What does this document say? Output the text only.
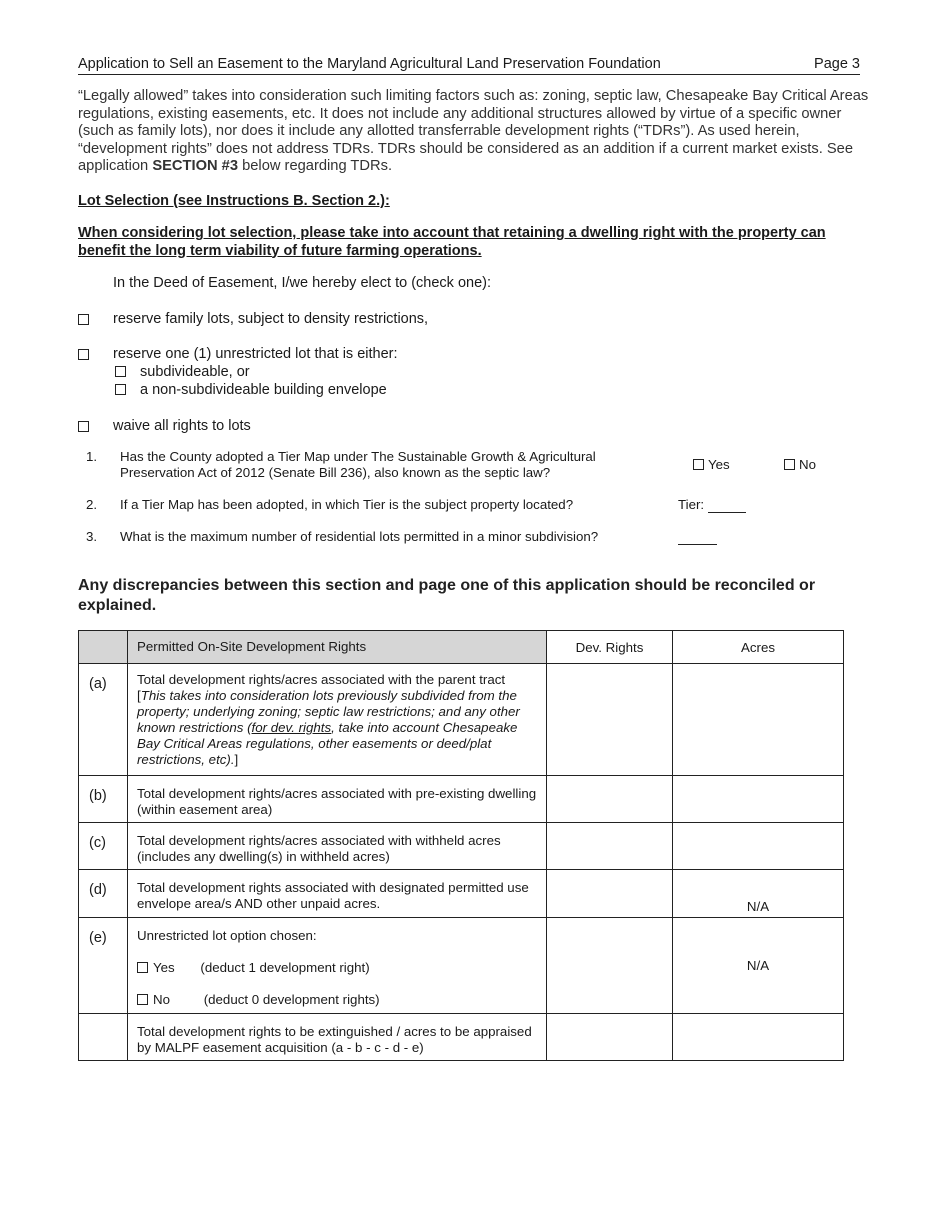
Application to Sell an Easement to the Maryland Agricultural Land Preservation Foundation	Page 3
“Legally allowed” takes into consideration such limiting factors such as: zoning, septic law, Chesapeake Bay Critical Areas regulations, existing easements, etc. It does not include any additional structures allowed by virtue of a specific owner (such as family lots), nor does it include any allotted transferrable development rights (“TDRs”). As used herein, “development rights” does not address TDRs. TDRs should be considered as an addition if a current market exists. See application SECTION #3 below regarding TDRs.
Lot Selection (see Instructions B. Section 2.):
When considering lot selection, please take into account that retaining a dwelling right with the property can benefit the long term viability of future farming operations.
In the Deed of Easement, I/we hereby elect to (check one):
reserve family lots, subject to density restrictions,
reserve one (1) unrestricted lot that is either:
subdivideable, or
a non-subdivideable building envelope
waive all rights to lots
1. Has the County adopted a Tier Map under The Sustainable Growth & Agricultural Preservation Act of 2012 (Senate Bill 236), also known as the septic law?
Yes	No
2. If a Tier Map has been adopted, in which Tier is the subject property located?	Tier:
3. What is the maximum number of residential lots permitted in a minor subdivision?

Any discrepancies between this section and page one of this application should be reconciled or explained.

	Permitted On-Site Development Rights	Dev. Rights	Acres

(a)	Total development rights/acres associated with the parent tract
[This takes into consideration lots previously subdivided from the property; underlying zoning; septic law restrictions; and any other known restrictions (for dev. rights, take into account Chesapeake Bay Critical Areas regulations, other easements or deed/plat restrictions, etc).]		

(b)	Total development rights/acres associated with pre-existing dwelling (within easement area)		

(c)	Total development rights/acres associated with withheld acres (includes any dwelling(s) in withheld acres)		

(d)	Total development rights associated with designated permitted use envelope area/s AND other unpaid acres.		N/A

(e)	Unrestricted lot option chosen:
Yes (deduct 1 development right)
No (deduct 0 development rights)		N/A

	Total development rights to be extinguished / acres to be appraised by MALPF easement acquisition (a - b - c - d - e)		
